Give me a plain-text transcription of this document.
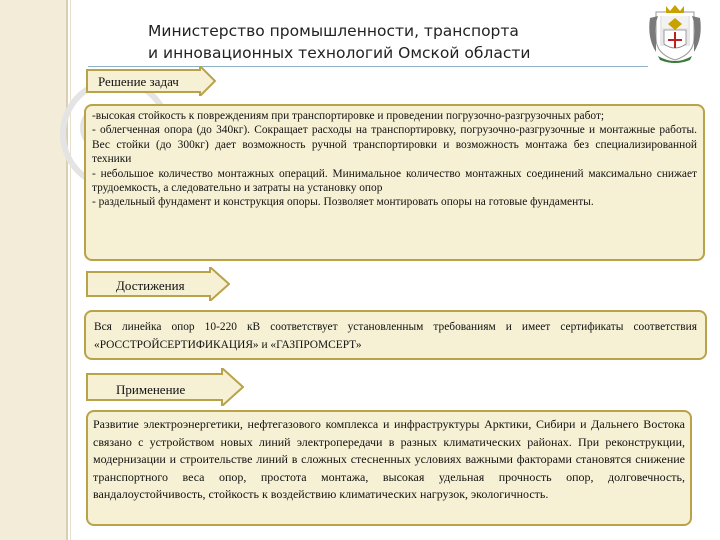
Министерство промышленности, транспорта
и инновационных технологий Омской области
Решение задач

-высокая стойкость к повреждениям при транспортировке и проведении погрузочно-разгрузочных работ;

- облегченная опора (до 340кг). Сокращает расходы на транспортировку, погрузочно-разгрузочные и монтажные работы. Вес стойки (до 300кг) дает возможность ручной транспортировки и возможность монтажа без специализированной техники

- небольшое количество монтажных операций. Минимальное количество монтажных соединений максимально снижает трудоемкость, а следовательно и затраты на установку опор

- раздельный фундамент и конструкция опоры. Позволяет монтировать опоры на готовые фундаменты.

Достижения

Вся линейка опор 10-220 кВ соответствует установленным требованиям и имеет сертификаты соответствия «РОССТРОЙСЕРТИФИКАЦИЯ» и «ГАЗПРОМСЕРТ»

Применение

Развитие электроэнергетики, нефтегазового комплекса и инфраструктуры Арктики, Сибири и Дальнего Востока связано с устройством новых линий электропередачи в разных климатических районах. При реконструкции, модернизации и строительстве линий в сложных стесненных условиях важными факторами становятся снижение транспортного веса опор, простота монтажа, высокая удельная прочность опор, долговечность, вандалоустойчивость, стойкость к воздействию климатических нагрузок, экологичность.
